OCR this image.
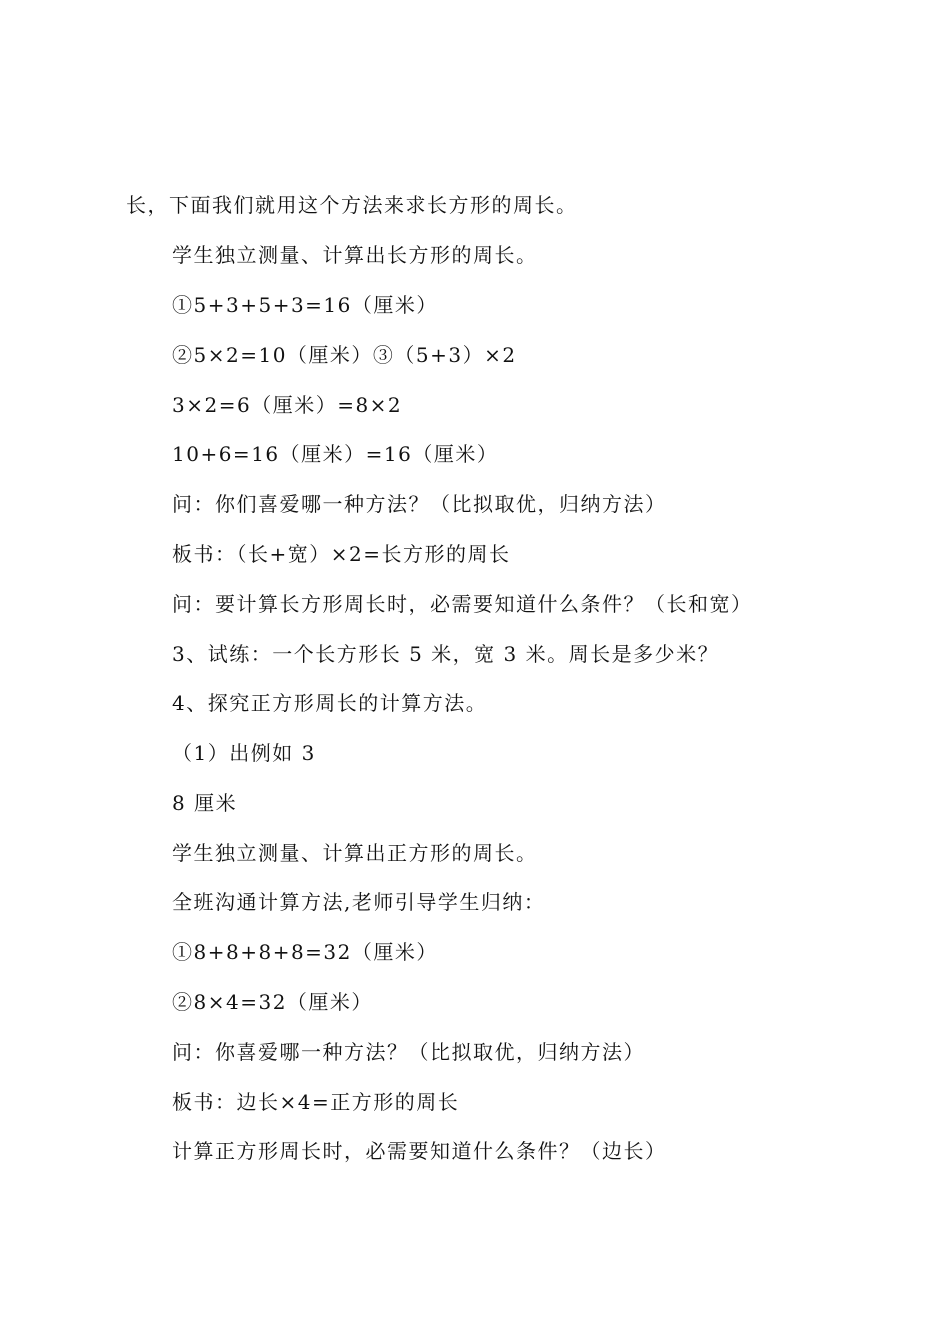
长，下面我们就用这个方法来求长方形的周长。
学生独立测量、计算出长方形的周长。
①5+3+5+3=16（厘米）
②5×2=10（厘米）③（5+3）×2
3×2=6（厘米）=8×2
10+6=16（厘米）=16（厘米）
问：你们喜爱哪一种方法？（比拟取优，归纳方法）
板书：（长+宽）×2=长方形的周长
问：要计算长方形周长时，必需要知道什么条件？（长和宽）
3、试练：一个长方形长 5 米，宽 3 米。周长是多少米？
4、探究正方形周长的计算方法。
（1）出例如 3
8 厘米
学生独立测量、计算出正方形的周长。
全班沟通计算方法,老师引导学生归纳：
①8+8+8+8=32（厘米）
②8×4=32（厘米）
问：你喜爱哪一种方法？（比拟取优，归纳方法）
板书：边长×4=正方形的周长
计算正方形周长时，必需要知道什么条件？（边长）
